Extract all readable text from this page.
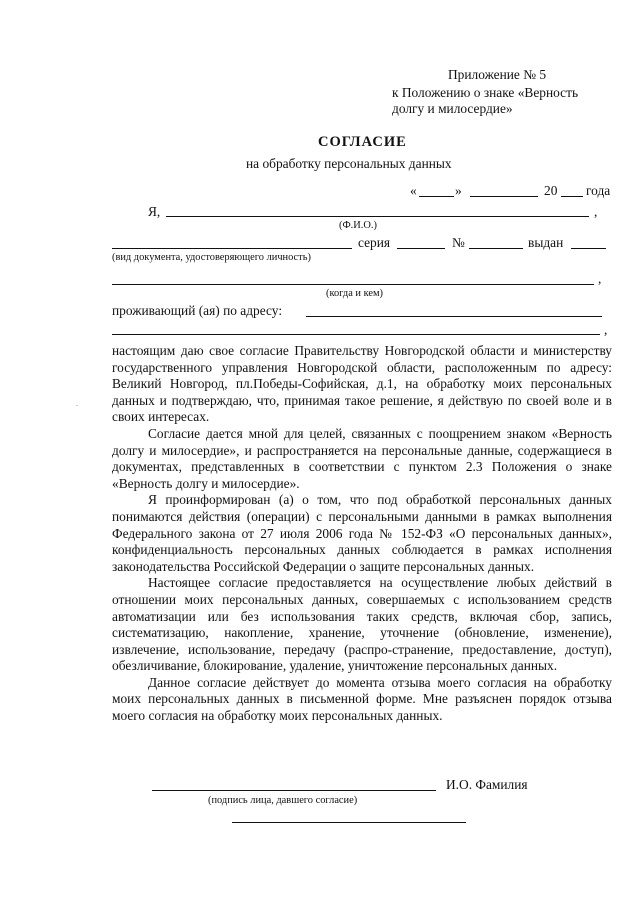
Приложение № 5
к Положению о знаке «Верность
долгу и милосердие»
СОГЛАСИЕ
на обработку персональных данных
«	»	20 года
Я,	,
(Ф.И.О.)
серия	№	выдан
(вид документа, удостоверяющего личность)
,
(когда и кем)
проживающий (ая) по адресу:
,

настоящим даю свое согласие Правительству Новгородской области и министерству государственного управления Новгородской области, расположенным по адресу: Великий Новгород, пл.Победы-Софийская, д.1, на обработку моих персональных данных и подтверждаю, что, принимая такое решение, я действую по своей воле и в своих интересах.

Согласие дается мной для целей, связанных с поощрением знаком «Верность долгу и милосердие», и распространяется на персональные данные, содержащиеся в документах, представленных в соответствии с пунктом 2.3 Положения о знаке «Верность долгу и милосердие».

Я проинформирован (а) о том, что под обработкой персональных данных понимаются действия (операции) с персональными данными в рамках выполнения Федерального закона от 27 июля 2006 года № 152-ФЗ «О персональных данных», конфиденциальность персональных данных соблюдается в рамках исполнения законодательства Российской Федерации о защите персональных данных.

Настоящее согласие предоставляется на осуществление любых действий в отношении моих персональных данных, совершаемых с использованием средств автоматизации или без использования таких средств, включая сбор, запись, систематизацию, накопление, хранение, уточнение (обновление, изменение), извлечение, использование, передачу (распро-странение, предоставление, доступ), обезличивание, блокирование, удаление, уничтожение персональных данных.

Данное согласие действует до момента отзыва моего согласия на обработку моих персональных данных в письменной форме. Мне разъяснен порядок отзыва моего согласия на обработку моих персональных данных.

И.О. Фамилия
(подпись лица, давшего согласие)
